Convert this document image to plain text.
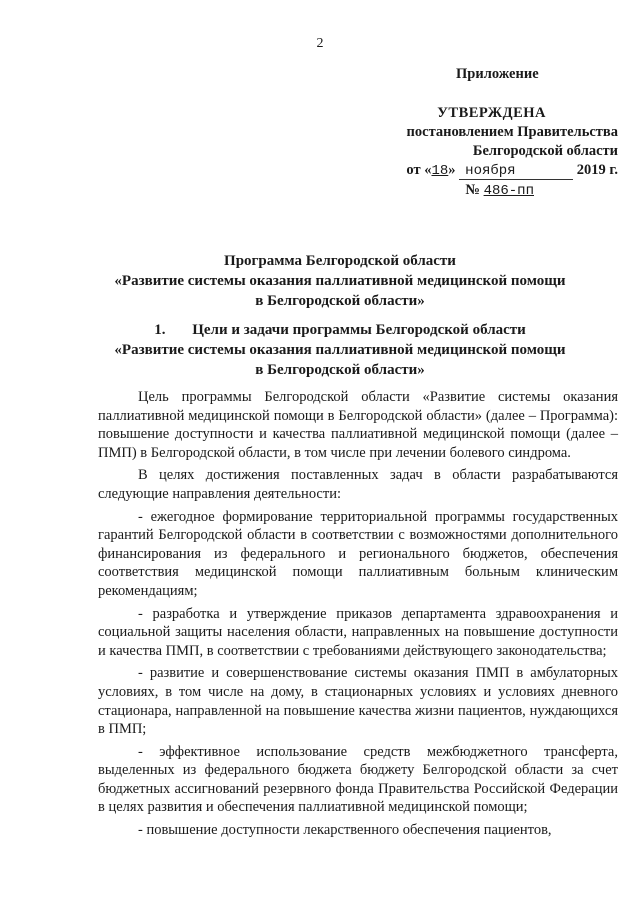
2
Приложение
УТВЕРЖДЕНА
постановлением Правительства
Белгородской области
от «18» ноября	2019 г.
№ 486-пп
Программа Белгородской области
«Развитие системы оказания паллиативной медицинской помощи
в Белгородской области»
1. Цели и задачи программы Белгородской области
«Развитие системы оказания паллиативной медицинской помощи
в Белгородской области»

Цель программы Белгородской области «Развитие системы оказания паллиативной медицинской помощи в Белгородской области» (далее – Программа): повышение доступности и качества паллиативной медицинской помощи (далее – ПМП) в Белгородской области, в том числе при лечении болевого синдрома.

В целях достижения поставленных задач в области разрабатываются следующие направления деятельности:

- ежегодное формирование территориальной программы государственных гарантий Белгородской области в соответствии с возможностями дополнительного финансирования из федерального и регионального бюджетов, обеспечения соответствия медицинской помощи паллиативным больным клиническим рекомендациям;

- разработка и утверждение приказов департамента здравоохранения и социальной защиты населения области, направленных на повышение доступности и качества ПМП, в соответствии с требованиями действующего законодательства;

- развитие и совершенствование системы оказания ПМП в амбулаторных условиях, в том числе на дому, в стационарных условиях и условиях дневного стационара, направленной на повышение качества жизни пациентов, нуждающихся в ПМП;

- эффективное использование средств межбюджетного трансферта, выделенных из федерального бюджета бюджету Белгородской области за счет бюджетных ассигнований резервного фонда Правительства Российской Федерации в целях развития и обеспечения паллиативной медицинской помощи;

- повышение доступности лекарственного обеспечения пациентов,
